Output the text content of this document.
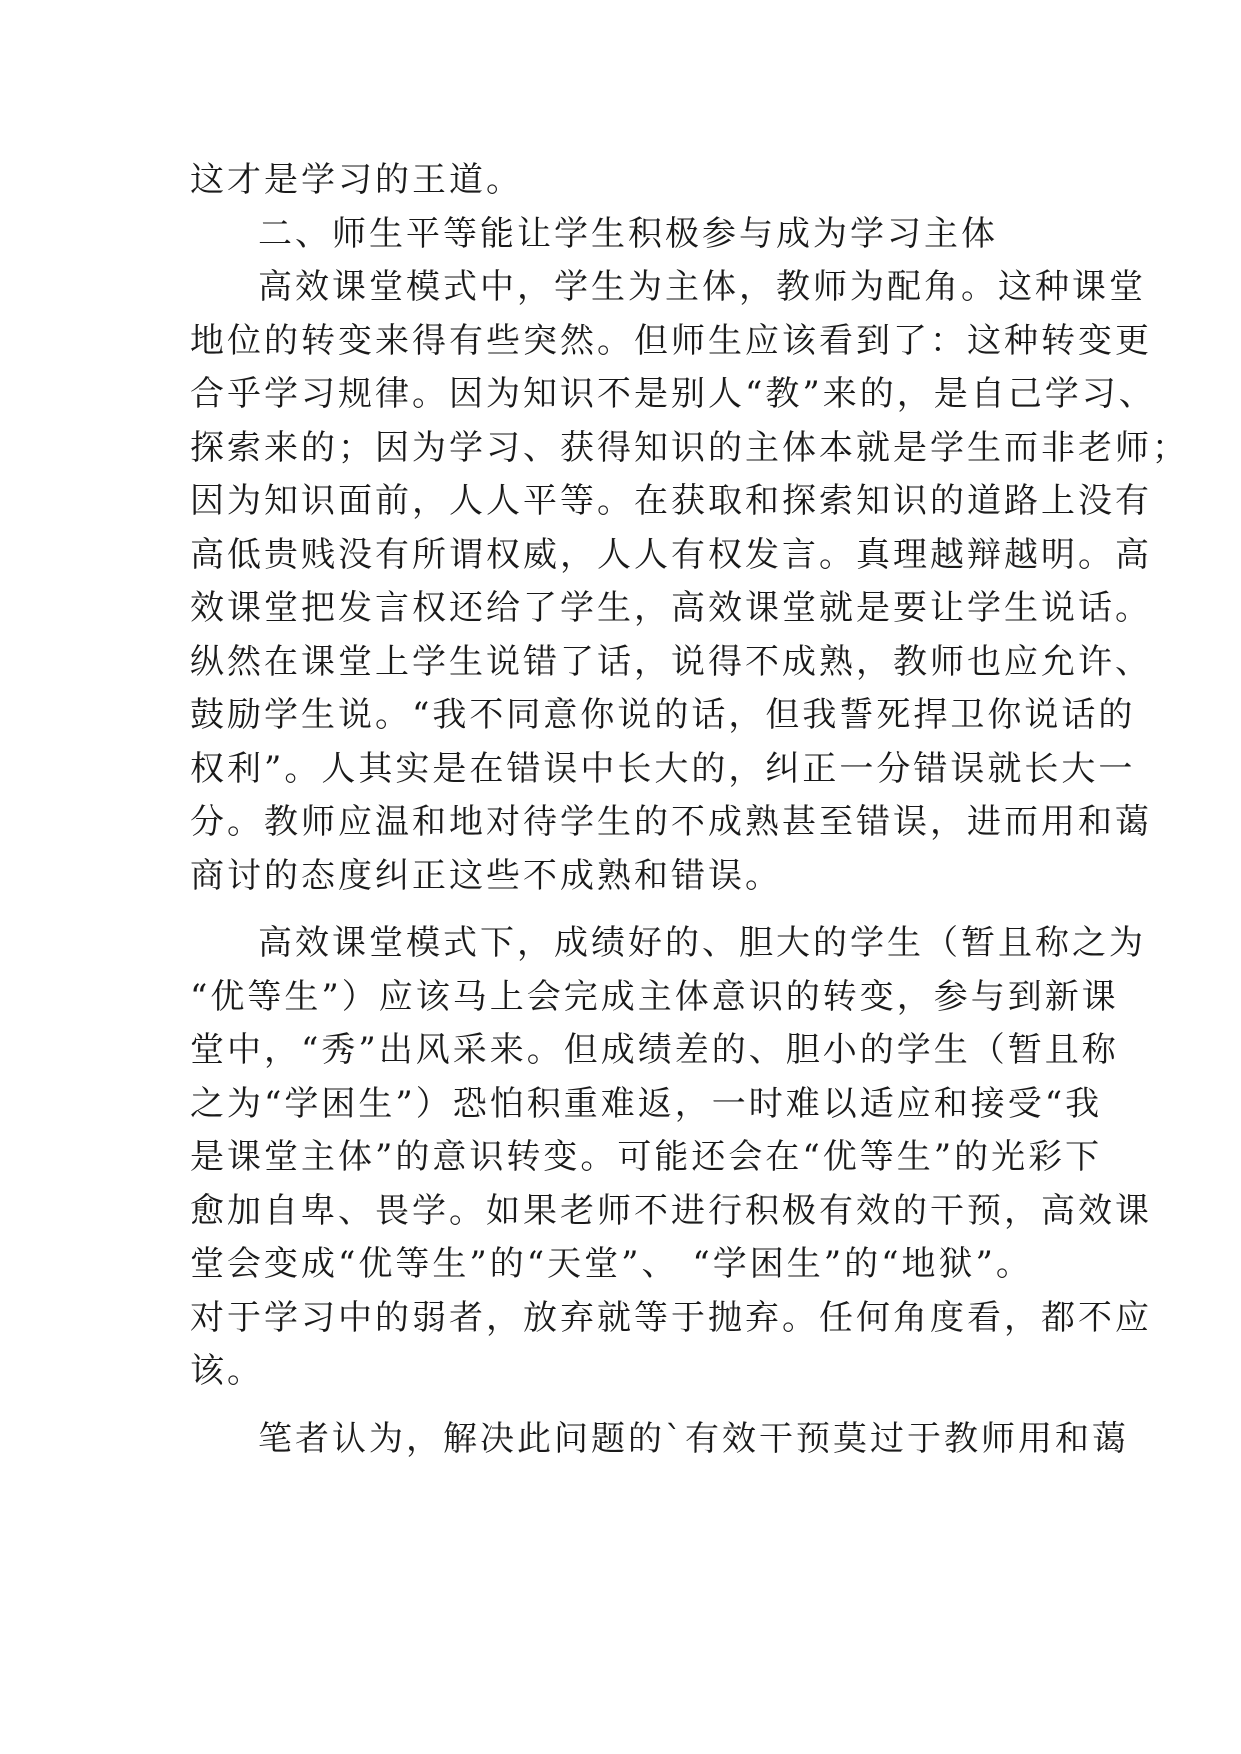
这才是学习的王道。
二、师生平等能让学生积极参与成为学习主体
高效课堂模式中，学生为主体，教师为配角。这种课堂
地位的转变来得有些突然。但师生应该看到了：这种转变更
合乎学习规律。因为知识不是别人“教”来的，是自己学习、
探索来的；因为学习、获得知识的主体本就是学生而非老师；
因为知识面前，人人平等。在获取和探索知识的道路上没有
高低贵贱没有所谓权威，人人有权发言。真理越辩越明。高
效课堂把发言权还给了学生，高效课堂就是要让学生说话。
纵然在课堂上学生说错了话，说得不成熟，教师也应允许、
鼓励学生说。“我不同意你说的话，但我誓死捍卫你说话的
权利”。人其实是在错误中长大的，纠正一分错误就长大一
分。教师应温和地对待学生的不成熟甚至错误，进而用和蔼
商讨的态度纠正这些不成熟和错误。
高效课堂模式下，成绩好的、胆大的学生（暂且称之为
“优等生”）应该马上会完成主体意识的转变，参与到新课
堂中，“秀”出风采来。但成绩差的、胆小的学生（暂且称
之为“学困生”）恐怕积重难返，一时难以适应和接受“我
是课堂主体”的意识转变。可能还会在“优等生”的光彩下
愈加自卑、畏学。如果老师不进行积极有效的干预，高效课
堂会变成“优等生”的“天堂”、 “学困生”的“地狱”。
对于学习中的弱者，放弃就等于抛弃。任何角度看，都不应
该。
笔者认为，解决此问题的`有效干预莫过于教师用和蔼
